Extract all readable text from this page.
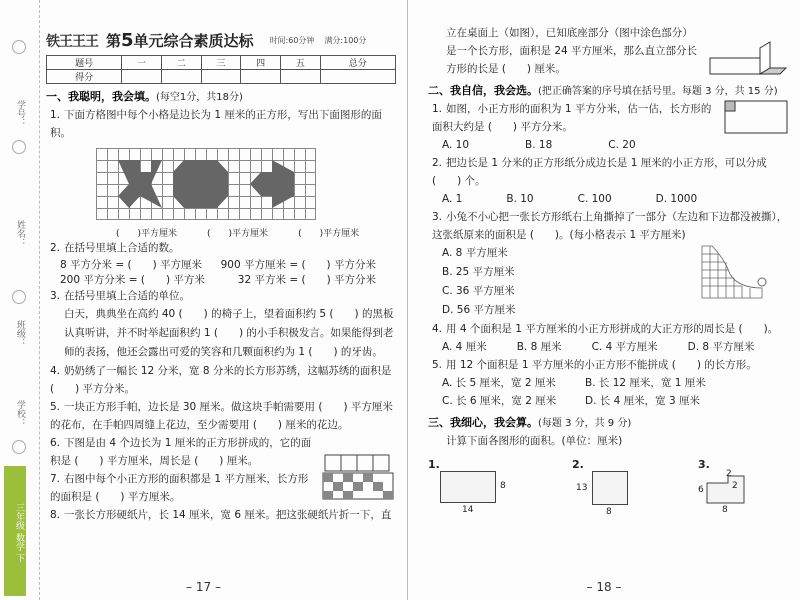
学号：
姓名：
班级：
学校：
三年级 数学 下
铁王王王 第5单元综合素质达标 时间:60分钟 满分:100分
题号	一	二	三	四	五	总分
得分						
一、我聪明，我会填。(每空1分，共18分)
1. 下面方格图中每个小格是边长为 1 厘米的正方形，写出下面图形的面积。
(　　)平方厘米	(　　)平方厘米	(　　)平方厘米
2. 在括号里填上合适的数。
8 平方分米 = (　　) 平方厘米 900 平方厘米 = (　　) 平方分米
200 平方分米 = (　　) 平方米	32 平方米 = (　　) 平方分米
3. 在括号里填上合适的单位。
白天，典典坐在高约 40 (　　) 的椅子上，望着面积约 5 (　　) 的黑板认真听讲，并不时举起面积约 1 (　　) 的小手积极发言。如果能得到老师的表扬，他还会露出可爱的笑容和几颗面积约为 1 (　　) 的牙齿。
4. 奶奶绣了一幅长 12 分米，宽 8 分米的长方形苏绣，这幅苏绣的面积是 (　　) 平方分米。
5. 一块正方形手帕，边长是 30 厘米。做这块手帕需要用 (　　) 平方厘米的花布，在手帕四周缝上花边，至少需要用 (　　) 厘米的花边。
6. 下图是由 4 个边长为 1 厘米的正方形拼成的，它的面积是 (　　) 平方厘米，周长是 (　　) 厘米。
7. 右图中每个小正方形的面积都是 1 平方厘米，长方形的面积是 (　　) 平方厘米。
8. 一张长方形硬纸片，长 14 厘米，宽 6 厘米。把这张硬纸片折一下，直
– 17 –
立在桌面上（如图），已知底座部分（图中涂色部分）是一个长方形，面积是 24 平方厘米，那么直立部分长方形的长是 (　　) 厘米。
二、我自信，我会选。(把正确答案的序号填在括号里。每题 3 分，共 15 分)
1. 如图，小正方形的面积为 1 平方分米，估一估，长方形的面积大约是 (　　) 平方分米。
A. 10	B. 18	C. 20
2. 把边长是 1 分米的正方形纸分成边长是 1 厘米的小正方形，可以分成 (　　) 个。
A. 1	B. 10	C. 100	D. 1000
3. 小兔不小心把一张长方形纸右上角撕掉了一部分（左边和下边都没被撕），这张纸原来的面积是 (　　)。(每小格表示 1 平方厘米)
A. 8 平方厘米
B. 25 平方厘米
C. 36 平方厘米
D. 56 平方厘米
4. 用 4 个面积是 1 平方厘米的小正方形拼成的大正方形的周长是 (　　)。
A. 4 厘米	B. 8 厘米	C. 4 平方厘米	D. 8 平方厘米
5. 用 12 个面积是 1 平方厘米的小正方形不能拼成 (　　) 的长方形。
A. 长 5 厘米，宽 2 厘米	B. 长 12 厘米，宽 1 厘米
C. 长 6 厘米，宽 2 厘米	D. 长 4 厘米，宽 3 厘米
三、我细心，我会算。(每题 3 分，共 9 分)
计算下面各图形的面积。(单位：厘米)
1.
8
14
2.
13
8
3.
6
2
2
8
– 18 –
